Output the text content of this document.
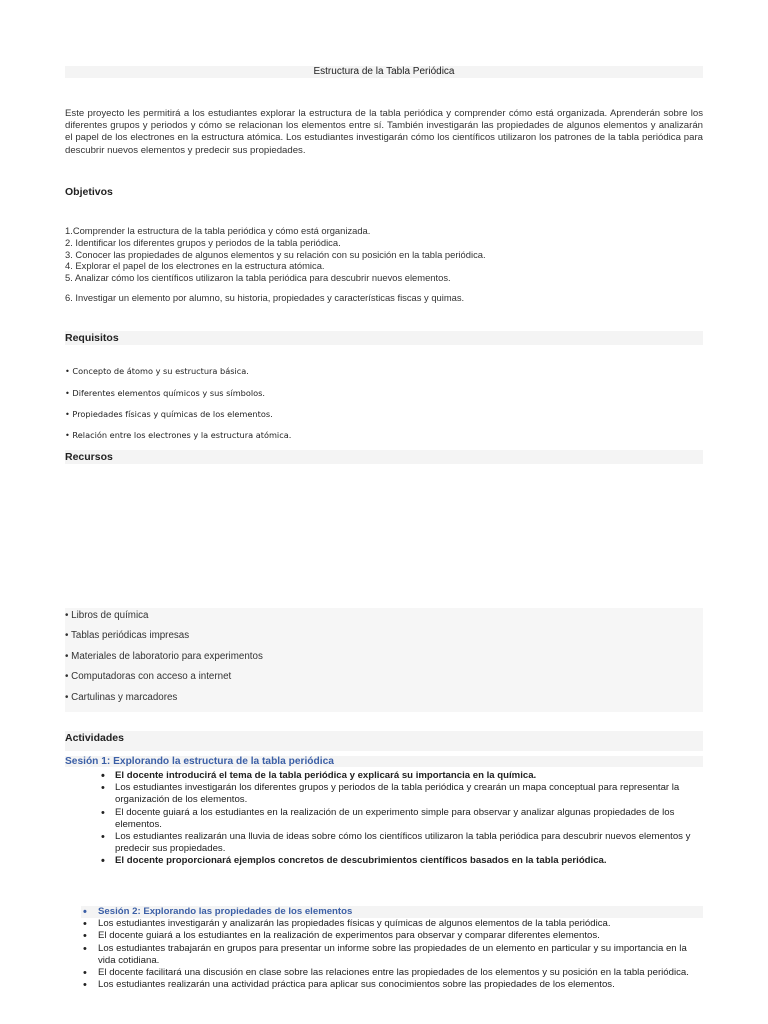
Estructura de la Tabla Periódica
Este proyecto les permitirá a los estudiantes explorar la estructura de la tabla periódica y comprender cómo está organizada. Aprenderán sobre los diferentes grupos y periodos y cómo se relacionan los elementos entre sí. También investigarán las propiedades de algunos elementos y analizarán el papel de los electrones en la estructura atómica. Los estudiantes investigarán cómo los científicos utilizaron los patrones de la tabla periódica para descubrir nuevos elementos y predecir sus propiedades.
Objetivos
1.Comprender la estructura de la tabla periódica y cómo está organizada.
2. Identificar los diferentes grupos y periodos de la tabla periódica.
3. Conocer las propiedades de algunos elementos y su relación con su posición en la tabla periódica.
4. Explorar el papel de los electrones en la estructura atómica.
5. Analizar cómo los científicos utilizaron la tabla periódica para descubrir nuevos elementos.
6. Investigar un elemento por alumno, su historia, propiedades y características fiscas y quimas.
Requisitos
• Concepto de átomo y su estructura básica.
• Diferentes elementos químicos y sus símbolos.
• Propiedades físicas y químicas de los elementos.
• Relación entre los electrones y la estructura atómica.
Recursos
• Libros de química
• Tablas periódicas impresas
• Materiales de laboratorio para experimentos
• Computadoras con acceso a internet
• Cartulinas y marcadores
Actividades
Sesión 1: Explorando la estructura de la tabla periódica
• El docente introducirá el tema de la tabla periódica y explicará su importancia en la química.
• Los estudiantes investigarán los diferentes grupos y periodos de la tabla periódica y crearán un mapa conceptual para representar la organización de los elementos.
• El docente guiará a los estudiantes en la realización de un experimento simple para observar y analizar algunas propiedades de los elementos.
• Los estudiantes realizarán una lluvia de ideas sobre cómo los científicos utilizaron la tabla periódica para descubrir nuevos elementos y predecir sus propiedades.
• El docente proporcionará ejemplos concretos de descubrimientos científicos basados en la tabla periódica.
• Sesión 2: Explorando las propiedades de los elementos
• Los estudiantes investigarán y analizarán las propiedades físicas y químicas de algunos elementos de la tabla periódica.
• El docente guiará a los estudiantes en la realización de experimentos para observar y comparar diferentes elementos.
• Los estudiantes trabajarán en grupos para presentar un informe sobre las propiedades de un elemento en particular y su importancia en la vida cotidiana.
• El docente facilitará una discusión en clase sobre las relaciones entre las propiedades de los elementos y su posición en la tabla periódica.
• Los estudiantes realizarán una actividad práctica para aplicar sus conocimientos sobre las propiedades de los elementos.
